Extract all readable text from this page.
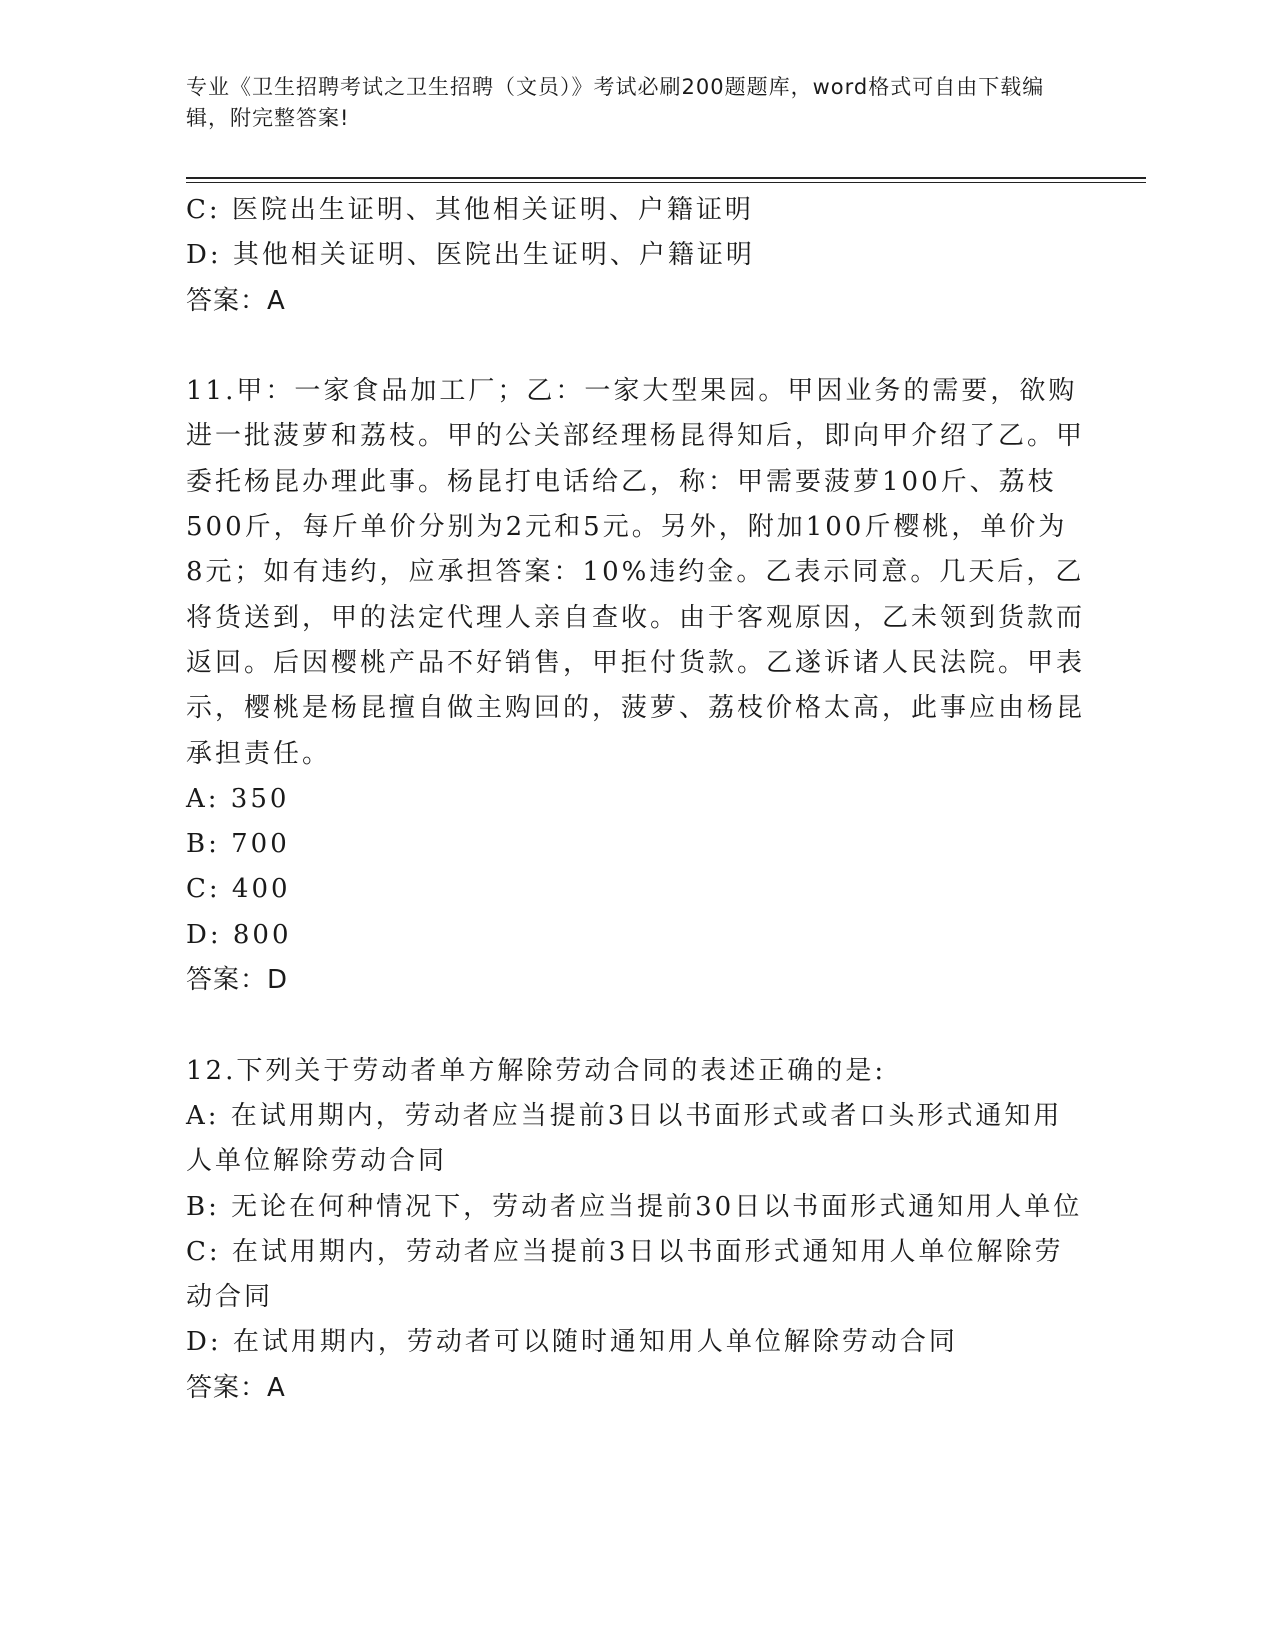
专业《卫生招聘考试之卫生招聘（文员）》考试必刷200题题库，word格式可自由下载编辑，附完整答案!

C: 医院出生证明、其他相关证明、户籍证明

D: 其他相关证明、医院出生证明、户籍证明

答案：A

11.甲：一家食品加工厂；乙：一家大型果园。甲因业务的需要，欲购进一批菠萝和荔枝。甲的公关部经理杨昆得知后，即向甲介绍了乙。甲委托杨昆办理此事。杨昆打电话给乙，称：甲需要菠萝100斤、荔枝500斤，每斤单价分别为2元和5元。另外，附加100斤樱桃，单价为8元；如有违约，应承担答案：10%违约金。乙表示同意。几天后，乙将货送到，甲的法定代理人亲自查收。由于客观原因，乙未领到货款而返回。后因樱桃产品不好销售，甲拒付货款。乙遂诉诸人民法院。甲表示，樱桃是杨昆擅自做主购回的，菠萝、荔枝价格太高，此事应由杨昆承担责任。

A: 350

B: 700

C: 400

D: 800

答案：D

12.下列关于劳动者单方解除劳动合同的表述正确的是:

A: 在试用期内，劳动者应当提前3日以书面形式或者口头形式通知用人单位解除劳动合同

B: 无论在何种情况下，劳动者应当提前30日以书面形式通知用人单位

C: 在试用期内，劳动者应当提前3日以书面形式通知用人单位解除劳动合同

D: 在试用期内，劳动者可以随时通知用人单位解除劳动合同

答案：A
